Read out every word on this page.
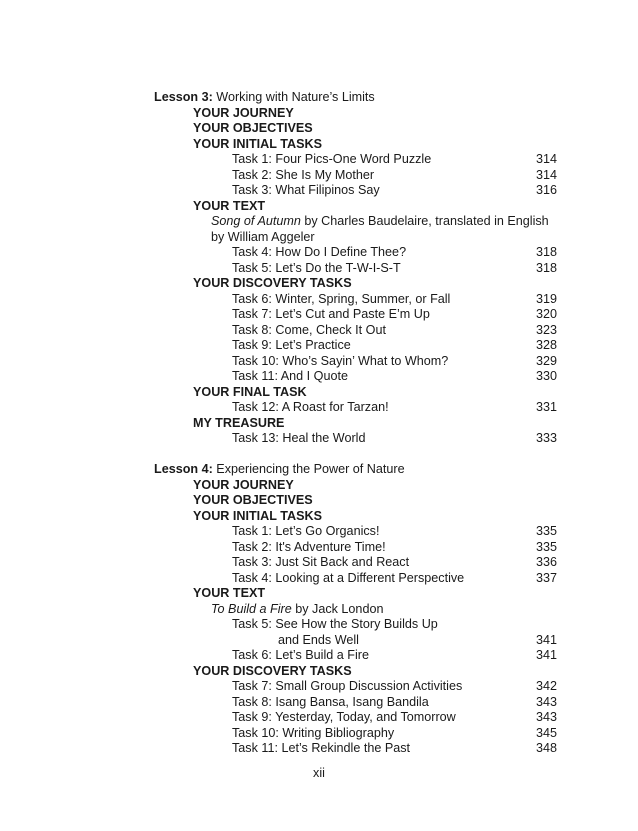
Lesson 3: Working with Nature’s Limits
YOUR JOURNEY
YOUR OBJECTIVES
YOUR INITIAL TASKS
Task 1: Four Pics-One Word Puzzle	314
Task 2: She Is My Mother	314
Task 3: What Filipinos Say	316
YOUR TEXT
Song of Autumn by Charles Baudelaire, translated in English
by William Aggeler
Task 4: How Do I Define Thee?	318
Task 5: Let’s Do the T-W-I-S-T	318
YOUR DISCOVERY TASKS
Task 6: Winter, Spring, Summer, or Fall	319
Task 7: Let’s Cut and Paste E’m Up	320
Task 8: Come, Check It Out	323
Task 9: Let’s Practice	328
Task 10: Who’s Sayin’ What to Whom?	329
Task 11: And I Quote	330
YOUR FINAL TASK
Task 12: A Roast for Tarzan!	331
MY TREASURE
Task 13: Heal the World	333
Lesson 4: Experiencing the Power of Nature
YOUR JOURNEY
YOUR OBJECTIVES
YOUR INITIAL TASKS
Task 1: Let’s Go Organics!	335
Task 2: It's Adventure Time!	335
Task 3: Just Sit Back and React	336
Task 4: Looking at a Different Perspective	337
YOUR TEXT
To Build a Fire by Jack London
Task 5: See How the Story Builds Up
and Ends Well	341
Task 6: Let’s Build a Fire	341
YOUR DISCOVERY TASKS
Task 7: Small Group Discussion Activities	342
Task 8: Isang Bansa, Isang Bandila	343
Task 9: Yesterday, Today, and Tomorrow	343
Task 10: Writing Bibliography	345
Task 11: Let’s Rekindle the Past	348
xii
